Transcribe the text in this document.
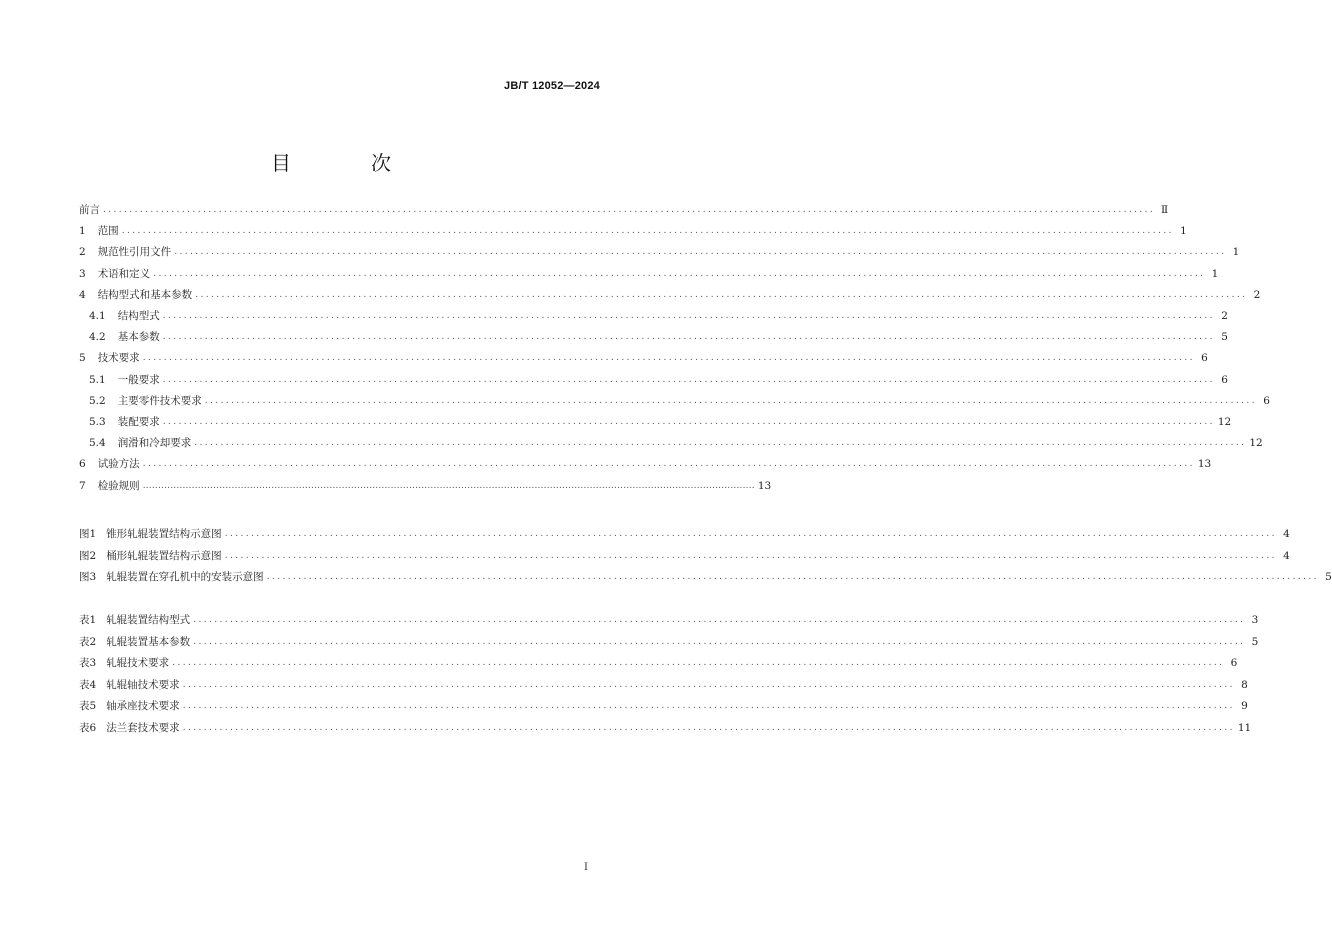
JB/T 12052—2024
目　次
前言 ........................................................................................................................................................................................................ Ⅱ
1 范围 ........................................................................................................................................................................................................ 1
2 规范性引用文件 ........................................................................................................................................................................................................ 1
3 术语和定义 ........................................................................................................................................................................................................ 1
4 结构型式和基本参数 ........................................................................................................................................................................................................ 2
4.1 结构型式 ........................................................................................................................................................................................................ 2
4.2 基本参数 ........................................................................................................................................................................................................ 5
5 技术要求 ........................................................................................................................................................................................................ 6
5.1 一般要求 ........................................................................................................................................................................................................ 6
5.2 主要零件技术要求 ........................................................................................................................................................................................................ 6
5.3 装配要求 ........................................................................................................................................................................................................ 12
5.4 润滑和冷却要求 ........................................................................................................................................................................................................ 12
6 试验方法 ........................................................................................................................................................................................................ 13
7 检验规则 ........................................................................................................................................................................................................ 13
图1 锥形轧辊装置结构示意图 ........................................................................................................................................................................................................ 4
图2 桶形轧辊装置结构示意图 ........................................................................................................................................................................................................ 4
图3 轧辊装置在穿孔机中的安装示意图 ........................................................................................................................................................................................................ 5
表1 轧辊装置结构型式 ........................................................................................................................................................................................................ 3
表2 轧辊装置基本参数 ........................................................................................................................................................................................................ 5
表3 轧辊技术要求 ........................................................................................................................................................................................................ 6
表4 轧辊轴技术要求 ........................................................................................................................................................................................................ 8
表5 轴承座技术要求 ........................................................................................................................................................................................................ 9
表6 法兰套技术要求 ........................................................................................................................................................................................................ 11
I
